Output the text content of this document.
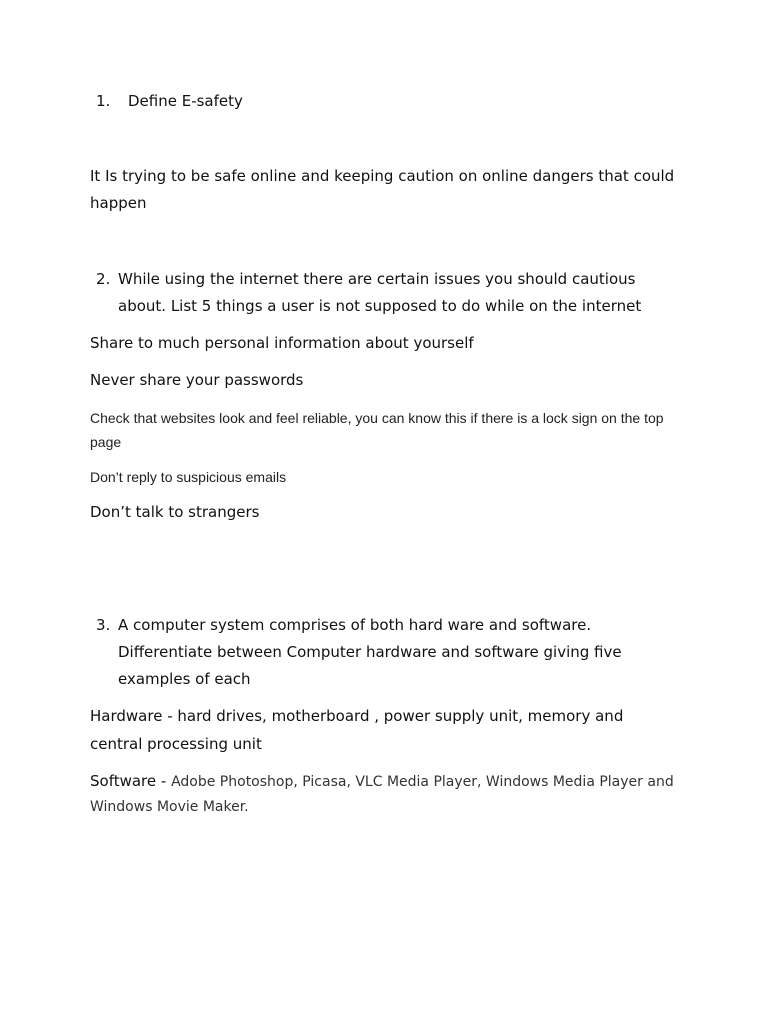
1. Define E-safety
It Is trying to be safe online and keeping caution on online dangers that could
happen
2. While using the internet there are certain issues you should cautious
about. List 5 things a user is not supposed to do while on the internet
Share to much personal information about yourself
Never share your passwords
Check that websites look and feel reliable, you can know this if there is a lock sign on the top
page
Don’t reply to suspicious emails
Don’t talk to strangers
3. A computer system comprises of both hard ware and software.
Differentiate between Computer hardware and software giving five
examples of each
Hardware - hard drives, motherboard , power supply unit, memory and
central processing unit
Software - Adobe Photoshop, Picasa, VLC Media Player, Windows Media Player and
Windows Movie Maker.
